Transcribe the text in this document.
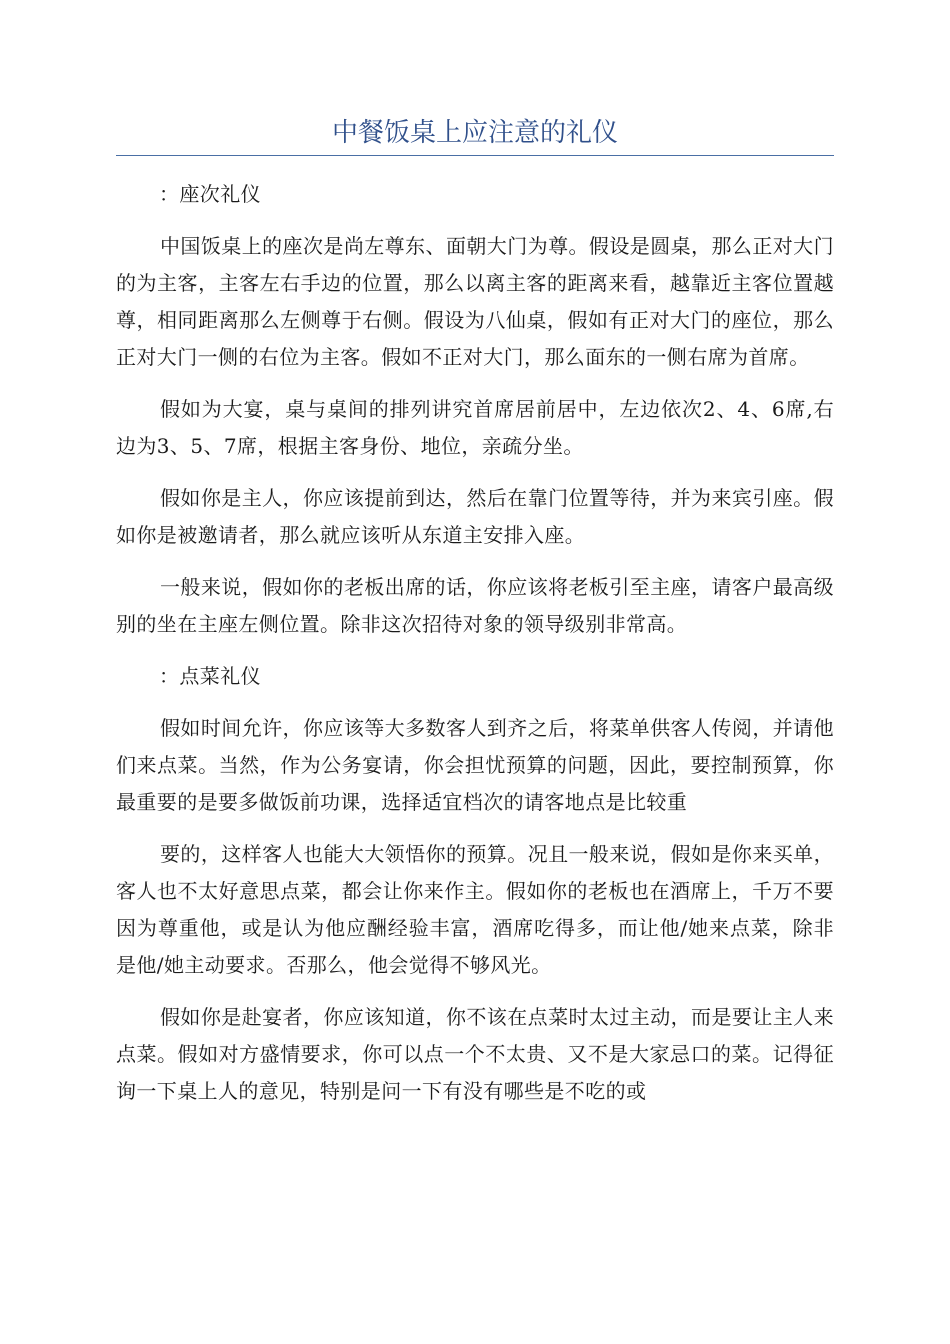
中餐饭桌上应注意的礼仪

：座次礼仪

中国饭桌上的座次是尚左尊东、面朝大门为尊。假设是圆桌，那么正对大门的为主客，主客左右手边的位置，那么以离主客的距离来看，越靠近主客位置越尊，相同距离那么左侧尊于右侧。假设为八仙桌，假如有正对大门的座位，那么正对大门一侧的右位为主客。假如不正对大门，那么面东的一侧右席为首席。

假如为大宴，桌与桌间的排列讲究首席居前居中，左边依次2、4、6席,右边为3、5、7席，根据主客身份、地位，亲疏分坐。

假如你是主人，你应该提前到达，然后在靠门位置等待，并为来宾引座。假如你是被邀请者，那么就应该听从东道主安排入座。

一般来说，假如你的老板出席的话，你应该将老板引至主座，请客户最高级别的坐在主座左侧位置。除非这次招待对象的领导级别非常高。

：点菜礼仪

假如时间允许，你应该等大多数客人到齐之后，将菜单供客人传阅，并请他们来点菜。当然，作为公务宴请，你会担忧预算的问题，因此，要控制预算，你最重要的是要多做饭前功课，选择适宜档次的请客地点是比较重

要的，这样客人也能大大领悟你的预算。况且一般来说，假如是你来买单，客人也不太好意思点菜，都会让你来作主。假如你的老板也在酒席上，千万不要因为尊重他，或是认为他应酬经验丰富，酒席吃得多，而让他/她来点菜，除非是他/她主动要求。否那么，他会觉得不够风光。

假如你是赴宴者，你应该知道，你不该在点菜时太过主动，而是要让主人来点菜。假如对方盛情要求，你可以点一个不太贵、又不是大家忌口的菜。记得征询一下桌上人的意见，特别是问一下有没有哪些是不吃的或
